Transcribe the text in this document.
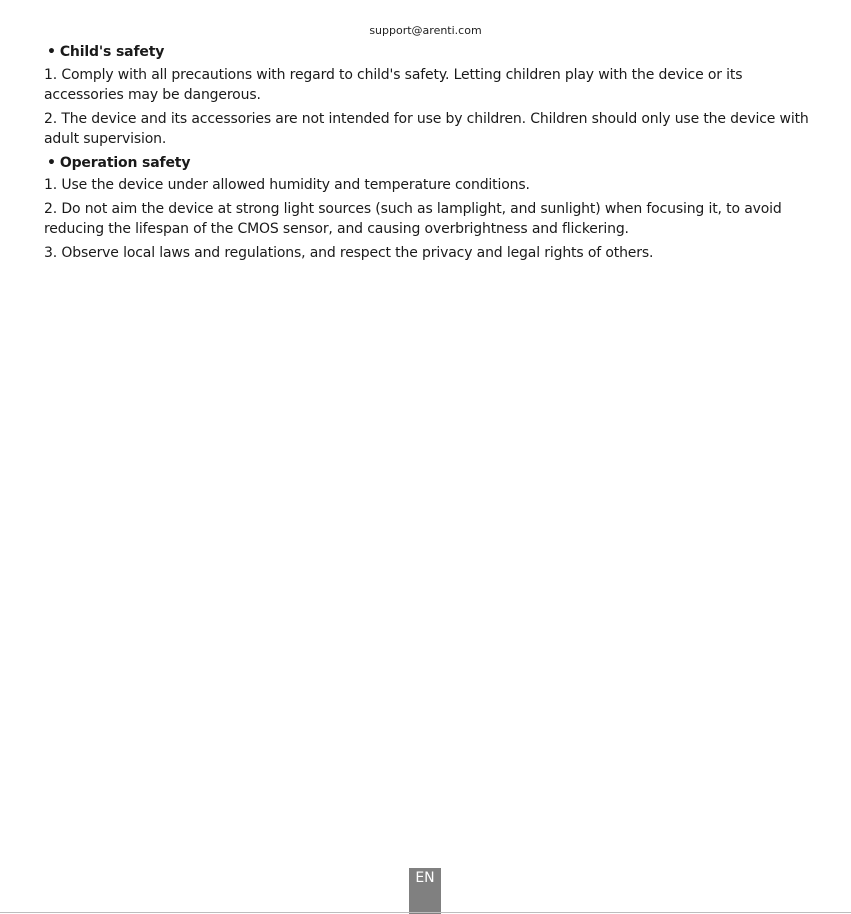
support@arenti.com
• Child's safety
1. Comply with all precautions with regard to child's safety. Letting children play with the device or its accessories may be dangerous.
2. The device and its accessories are not intended for use by children. Children should only use the device with adult supervision.
• Operation safety
1. Use the device under allowed humidity and temperature conditions.
2. Do not aim the device at strong light sources (such as lamplight, and sunlight) when focusing it, to avoid reducing the lifespan of the CMOS sensor, and causing overbrightness and flickering.
3. Observe local laws and regulations, and respect the privacy and legal rights of others.
EN
